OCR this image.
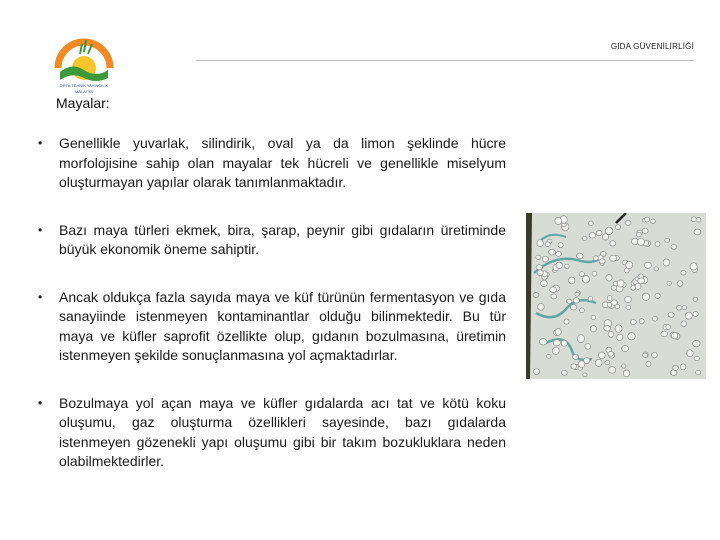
ORTA TEHNİK YAYINCILIK
MALATYA
GIDA GÜVENİLİRLİĞİ
Mayalar:
• Genellikle yuvarlak, silindirik, oval ya da limon şeklinde hücre morfolojisine sahip olan mayalar tek hücreli ve genellikle miselyum oluşturmayan yapılar olarak tanımlanmaktadır.
• Bazı maya türleri ekmek, bira, şarap, peynir gibi gıdaların üretiminde büyük ekonomik öneme sahiptir.
• Ancak oldukça fazla sayıda maya ve küf türünün fermentasyon ve gıda sanayiinde istenmeyen kontaminantlar olduğu bilinmektedir. Bu tür maya ve küfler saprofit özellikte olup, gıdanın bozulmasına, üretimin istenmeyen şekilde sonuçlanmasına yol açmaktadırlar.
• Bozulmaya yol açan maya ve küfler gıdalarda acı tat ve kötü koku oluşumu, gaz oluşturma özellikleri sayesinde, bazı gıdalarda istenmeyen gözenekli yapı oluşumu gibi bir takım bozukluklara neden olabilmektedirler.
